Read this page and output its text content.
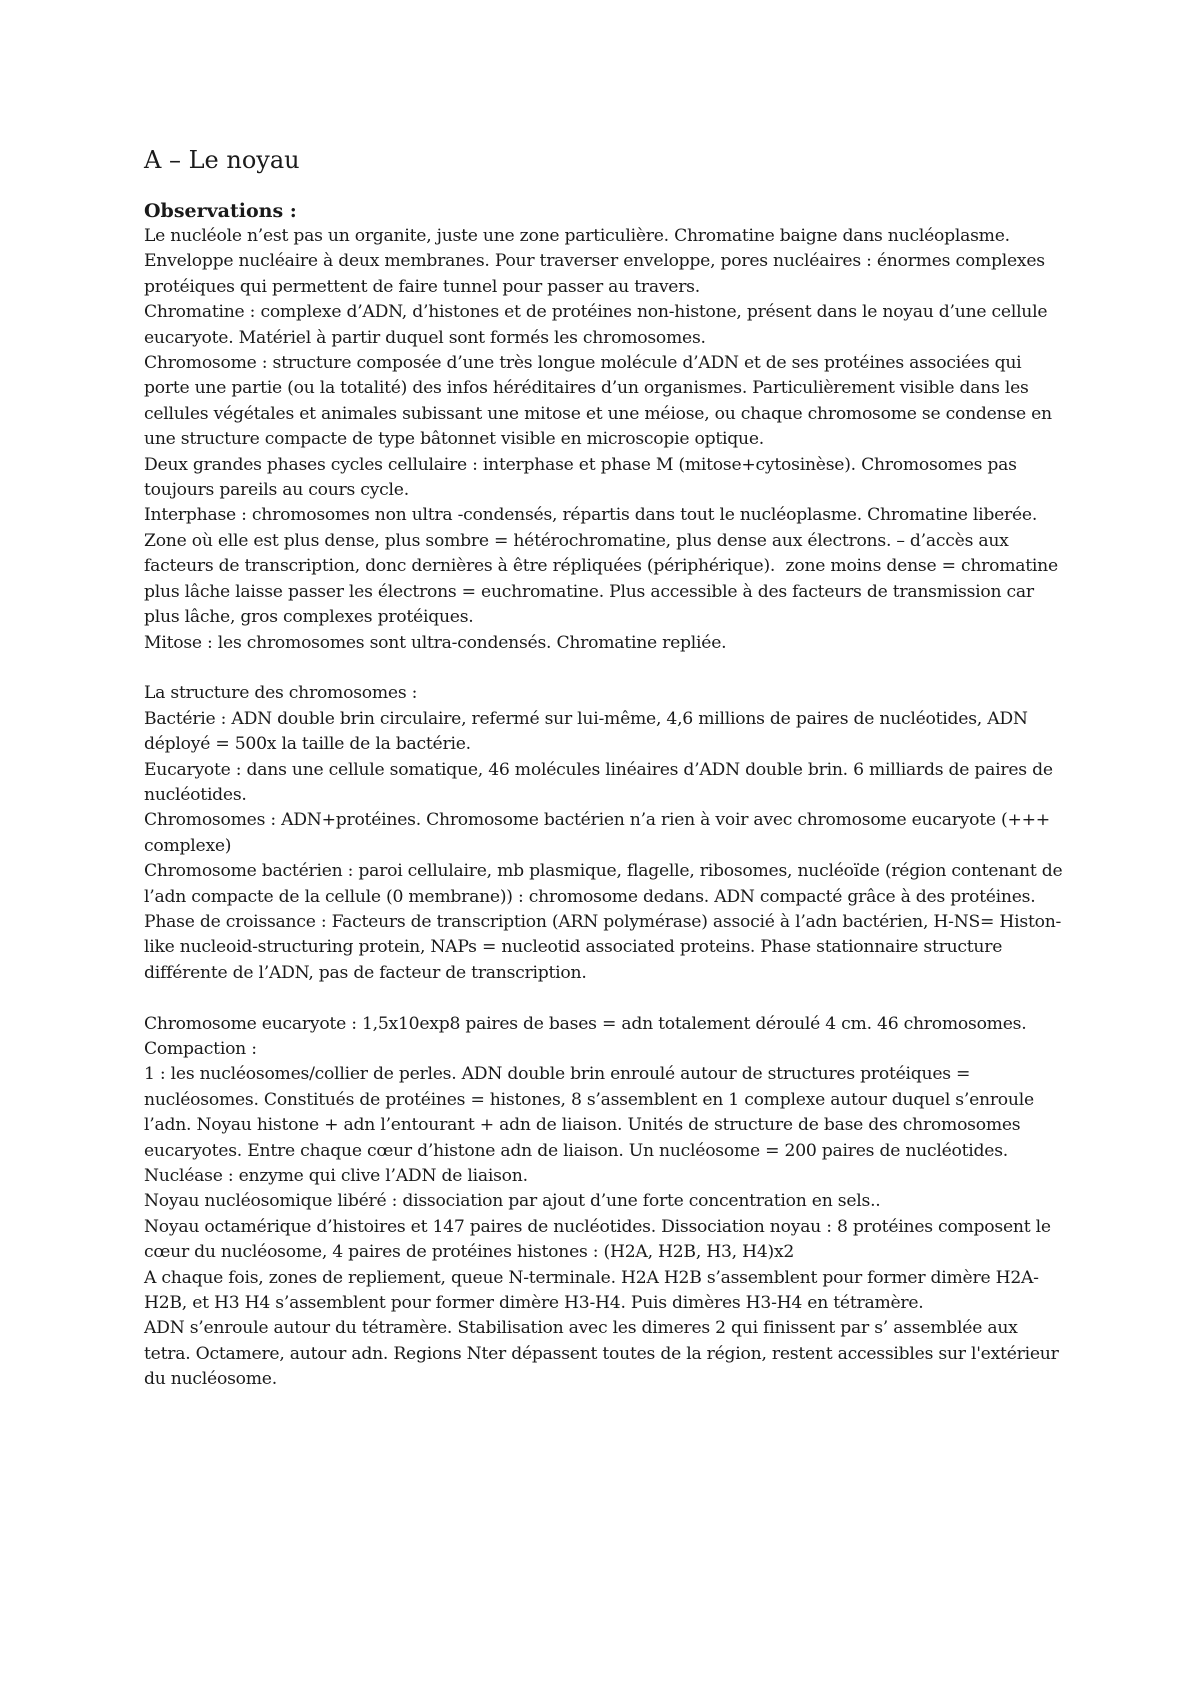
A – Le noyau

Observations :

Le nucléole n’est pas un organite, juste une zone particulière. Chromatine baigne dans nucléoplasme. Enveloppe nucléaire à deux membranes. Pour traverser enveloppe, pores nucléaires : énormes complexes protéiques qui permettent de faire tunnel pour passer au travers.

Chromatine : complexe d’ADN, d’histones et de protéines non-histone, présent dans le noyau d’une cellule eucaryote. Matériel à partir duquel sont formés les chromosomes.

Chromosome : structure composée d’une très longue molécule d’ADN et de ses protéines associées qui porte une partie (ou la totalité) des infos héréditaires d’un organismes. Particulièrement visible dans les cellules végétales et animales subissant une mitose et une méiose, ou chaque chromosome se condense en une structure compacte de type bâtonnet visible en microscopie optique.

Deux grandes phases cycles cellulaire : interphase et phase M (mitose+cytosinèse). Chromosomes pas toujours pareils au cours cycle.

Interphase : chromosomes non ultra -condensés, répartis dans tout le nucléoplasme. Chromatine liberée. Zone où elle est plus dense, plus sombre = hétérochromatine, plus dense aux électrons. – d’accès aux facteurs de transcription, donc dernières à être répliquées (périphérique).  zone moins dense = chromatine plus lâche laisse passer les électrons = euchromatine. Plus accessible à des facteurs de transmission car plus lâche, gros complexes protéiques.

Mitose : les chromosomes sont ultra-condensés. Chromatine repliée.

La structure des chromosomes :

Bactérie : ADN double brin circulaire, refermé sur lui-même, 4,6 millions de paires de nucléotides, ADN déployé = 500x la taille de la bactérie.

Eucaryote : dans une cellule somatique, 46 molécules linéaires d’ADN double brin. 6 milliards de paires de nucléotides.

Chromosomes : ADN+protéines. Chromosome bactérien n’a rien à voir avec chromosome eucaryote (+++ complexe)

Chromosome bactérien : paroi cellulaire, mb plasmique, flagelle, ribosomes, nucléoïde (région contenant de l’adn compacte de la cellule (0 membrane)) : chromosome dedans. ADN compacté grâce à des protéines. Phase de croissance : Facteurs de transcription (ARN polymérase) associé à l’adn bactérien, H-NS= Histon-like nucleoid-structuring protein, NAPs = nucleotid associated proteins. Phase stationnaire structure différente de l’ADN, pas de facteur de transcription.

Chromosome eucaryote : 1,5x10exp8 paires de bases = adn totalement déroulé 4 cm. 46 chromosomes.

Compaction :

1 : les nucléosomes/collier de perles. ADN double brin enroulé autour de structures protéiques = nucléosomes. Constitués de protéines = histones, 8 s’assemblent en 1 complexe autour duquel s’enroule l’adn. Noyau histone + adn l’entourant + adn de liaison. Unités de structure de base des chromosomes eucaryotes. Entre chaque cœur d’histone adn de liaison. Un nucléosome = 200 paires de nucléotides. Nucléase : enzyme qui clive l’ADN de liaison.

Noyau nucléosomique libéré : dissociation par ajout d’une forte concentration en sels..

Noyau octamérique d’histoires et 147 paires de nucléotides. Dissociation noyau : 8 protéines composent le cœur du nucléosome, 4 paires de protéines histones : (H2A, H2B, H3, H4)x2

A chaque fois, zones de repliement, queue N-terminale. H2A H2B s’assemblent pour former dimère H2A-H2B, et H3 H4 s’assemblent pour former dimère H3-H4. Puis dimères H3-H4 en tétramère.

ADN s’enroule autour du tétramère. Stabilisation avec les dimeres 2 qui finissent par s’ assemblée aux tetra. Octamere, autour adn. Regions Nter dépassent toutes de la région, restent accessibles sur l'extérieur du nucléosome.
